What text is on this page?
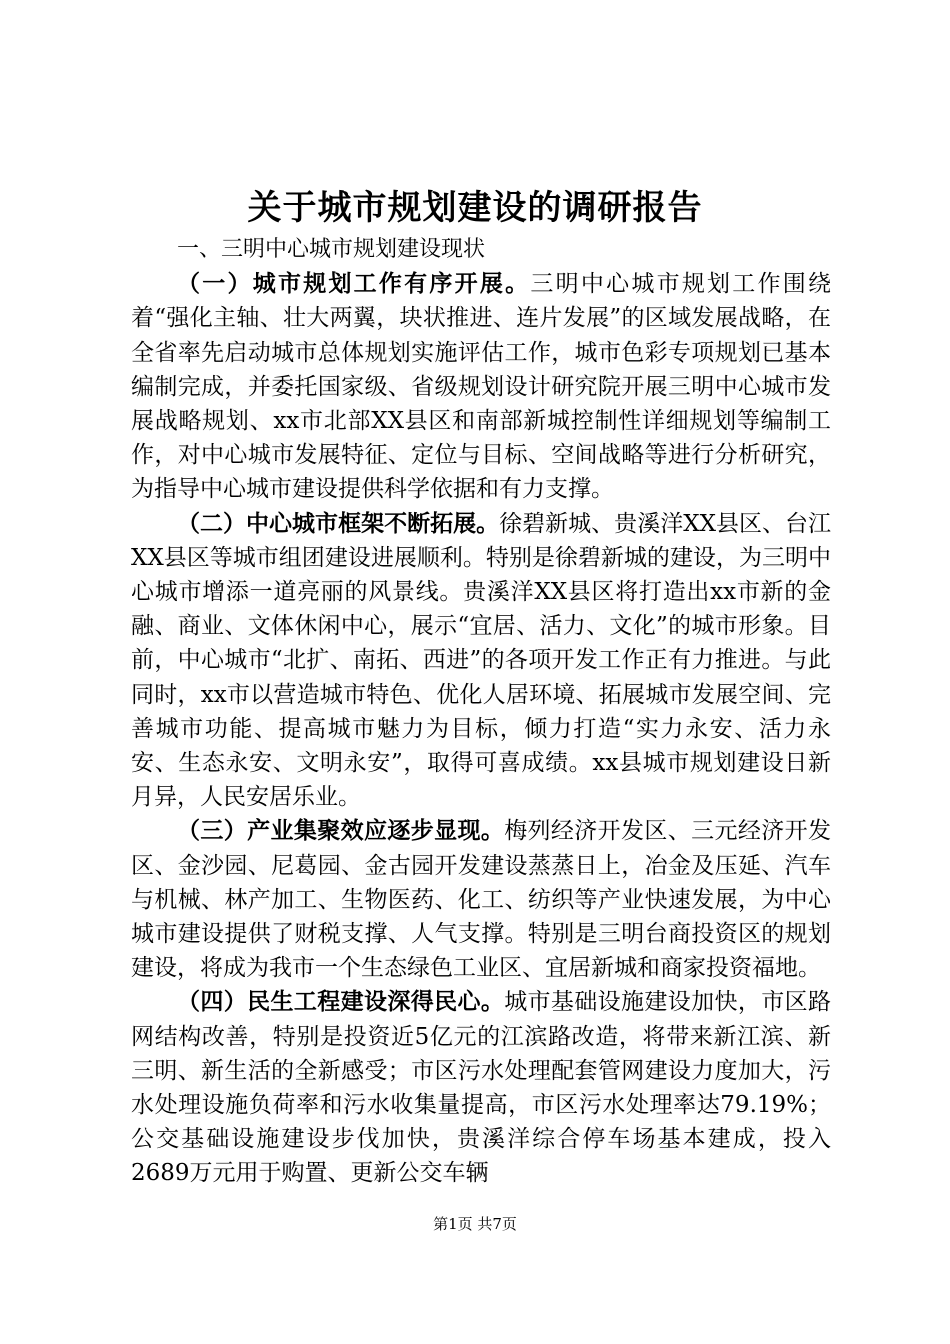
关于城市规划建设的调研报告

一、三明中心城市规划建设现状

（一）城市规划工作有序开展。三明中心城市规划工作围绕着“强化主轴、壮大两翼，块状推进、连片发展”的区域发展战略，在全省率先启动城市总体规划实施评估工作，城市色彩专项规划已基本编制完成，并委托国家级、省级规划设计研究院开展三明中心城市发展战略规划、xx市北部XX县区和南部新城控制性详细规划等编制工作，对中心城市发展特征、定位与目标、空间战略等进行分析研究，为指导中心城市建设提供科学依据和有力支撑。

（二）中心城市框架不断拓展。徐碧新城、贵溪洋XX县区、台江XX县区等城市组团建设进展顺利。特别是徐碧新城的建设，为三明中心城市增添一道亮丽的风景线。贵溪洋XX县区将打造出xx市新的金融、商业、文体休闲中心，展示“宜居、活力、文化”的城市形象。目前，中心城市“北扩、南拓、西进”的各项开发工作正有力推进。与此同时，xx市以营造城市特色、优化人居环境、拓展城市发展空间、完善城市功能、提高城市魅力为目标，倾力打造“实力永安、活力永安、生态永安、文明永安”，取得可喜成绩。xx县城市规划建设日新月异，人民安居乐业。

（三）产业集聚效应逐步显现。梅列经济开发区、三元经济开发区、金沙园、尼葛园、金古园开发建设蒸蒸日上，冶金及压延、汽车与机械、林产加工、生物医药、化工、纺织等产业快速发展，为中心城市建设提供了财税支撑、人气支撑。特别是三明台商投资区的规划建设，将成为我市一个生态绿色工业区、宜居新城和商家投资福地。

（四）民生工程建设深得民心。城市基础设施建设加快，市区路网结构改善，特别是投资近5亿元的江滨路改造，将带来新江滨、新三明、新生活的全新感受；市区污水处理配套管网建设力度加大，污水处理设施负荷率和污水收集量提高，市区污水处理率达79.19%；公交基础设施建设步伐加快，贵溪洋综合停车场基本建成，投入2689万元用于购置、更新公交车辆

第1页 共7页
